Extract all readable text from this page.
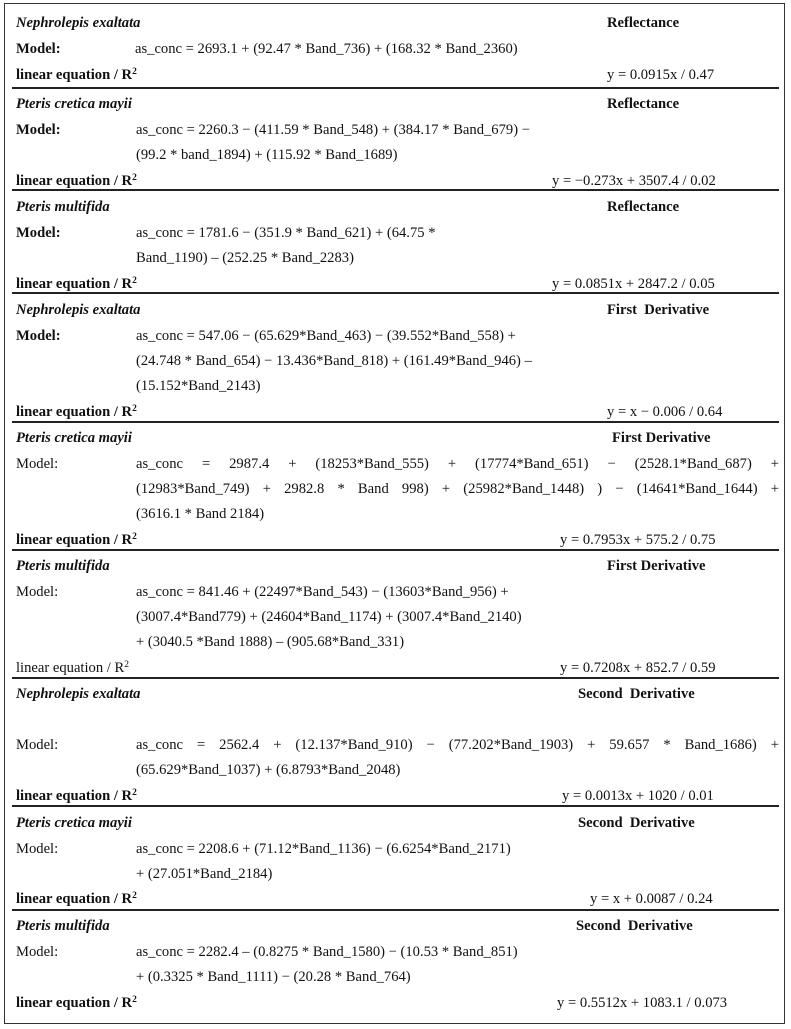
Nephrolepis exaltata	Reflectance
Model:	as_conc = 2693.1 + (92.47 * Band_736) + (168.32 * Band_2360)
linear equation / $R^2$	y = 0.0915x / 0.47
Pteris cretica mayii	Reflectance
Model:	as_conc = 2260.3 − (411.59 * Band_548) + (384.17 * Band_679) −
(99.2 * band_1894) + (115.92 * Band_1689)
linear equation / $R^2$	y = −0.273x + 3507.4 / 0.02
Pteris multifida	Reflectance
Model:	as_conc = 1781.6 − (351.9 * Band_621) + (64.75 *
Band_1190) – (252.25 * Band_2283)
linear equation / $R^2$	y = 0.0851x + 2847.2 / 0.05
Nephrolepis exaltata	First  Derivative
Model:	as_conc = 547.06 − (65.629*Band_463) − (39.552*Band_558) +
(24.748 * Band_654) − 13.436*Band_818) + (161.49*Band_946) –
(15.152*Band_2143)
linear equation / $R^2$	y = x − 0.006 / 0.64
Pteris cretica mayii	First Derivative
Model:	as_conc = 2987.4 + (18253*Band_555) + (17774*Band_651) − (2528.1*Band_687) +
(12983*Band_749) + 2982.8 * Band 998) + (25982*Band_1448) ) − (14641*Band_1644) +
(3616.1 * Band 2184)
linear equation / $R^2$	y = 0.7953x + 575.2 / 0.75
Pteris multifida	First Derivative
Model:	as_conc = 841.46 + (22497*Band_543) − (13603*Band_956) +
(3007.4*Band779) + (24604*Band_1174) + (3007.4*Band_2140)
+ (3040.5 *Band 1888) – (905.68*Band_331)
linear equation / $R^2$	y = 0.7208x + 852.7 / 0.59
Nephrolepis exaltata	Second  Derivative
Model:	as_conc = 2562.4 + (12.137*Band_910) − (77.202*Band_1903) + 59.657 * Band_1686) +
(65.629*Band_1037) + (6.8793*Band_2048)
linear equation / $R^2$	y = 0.0013x + 1020 / 0.01
Pteris cretica mayii	Second  Derivative
Model:	as_conc = 2208.6 + (71.12*Band_1136) − (6.6254*Band_2171)
+ (27.051*Band_2184)
linear equation / $R^2$	y = x + 0.0087 / 0.24
Pteris multifida	Second  Derivative
Model:	as_conc = 2282.4 – (0.8275 * Band_1580) − (10.53 * Band_851)
+ (0.3325 * Band_1111) − (20.28 * Band_764)
linear equation / $R^2$	y = 0.5512x + 1083.1 / 0.073
